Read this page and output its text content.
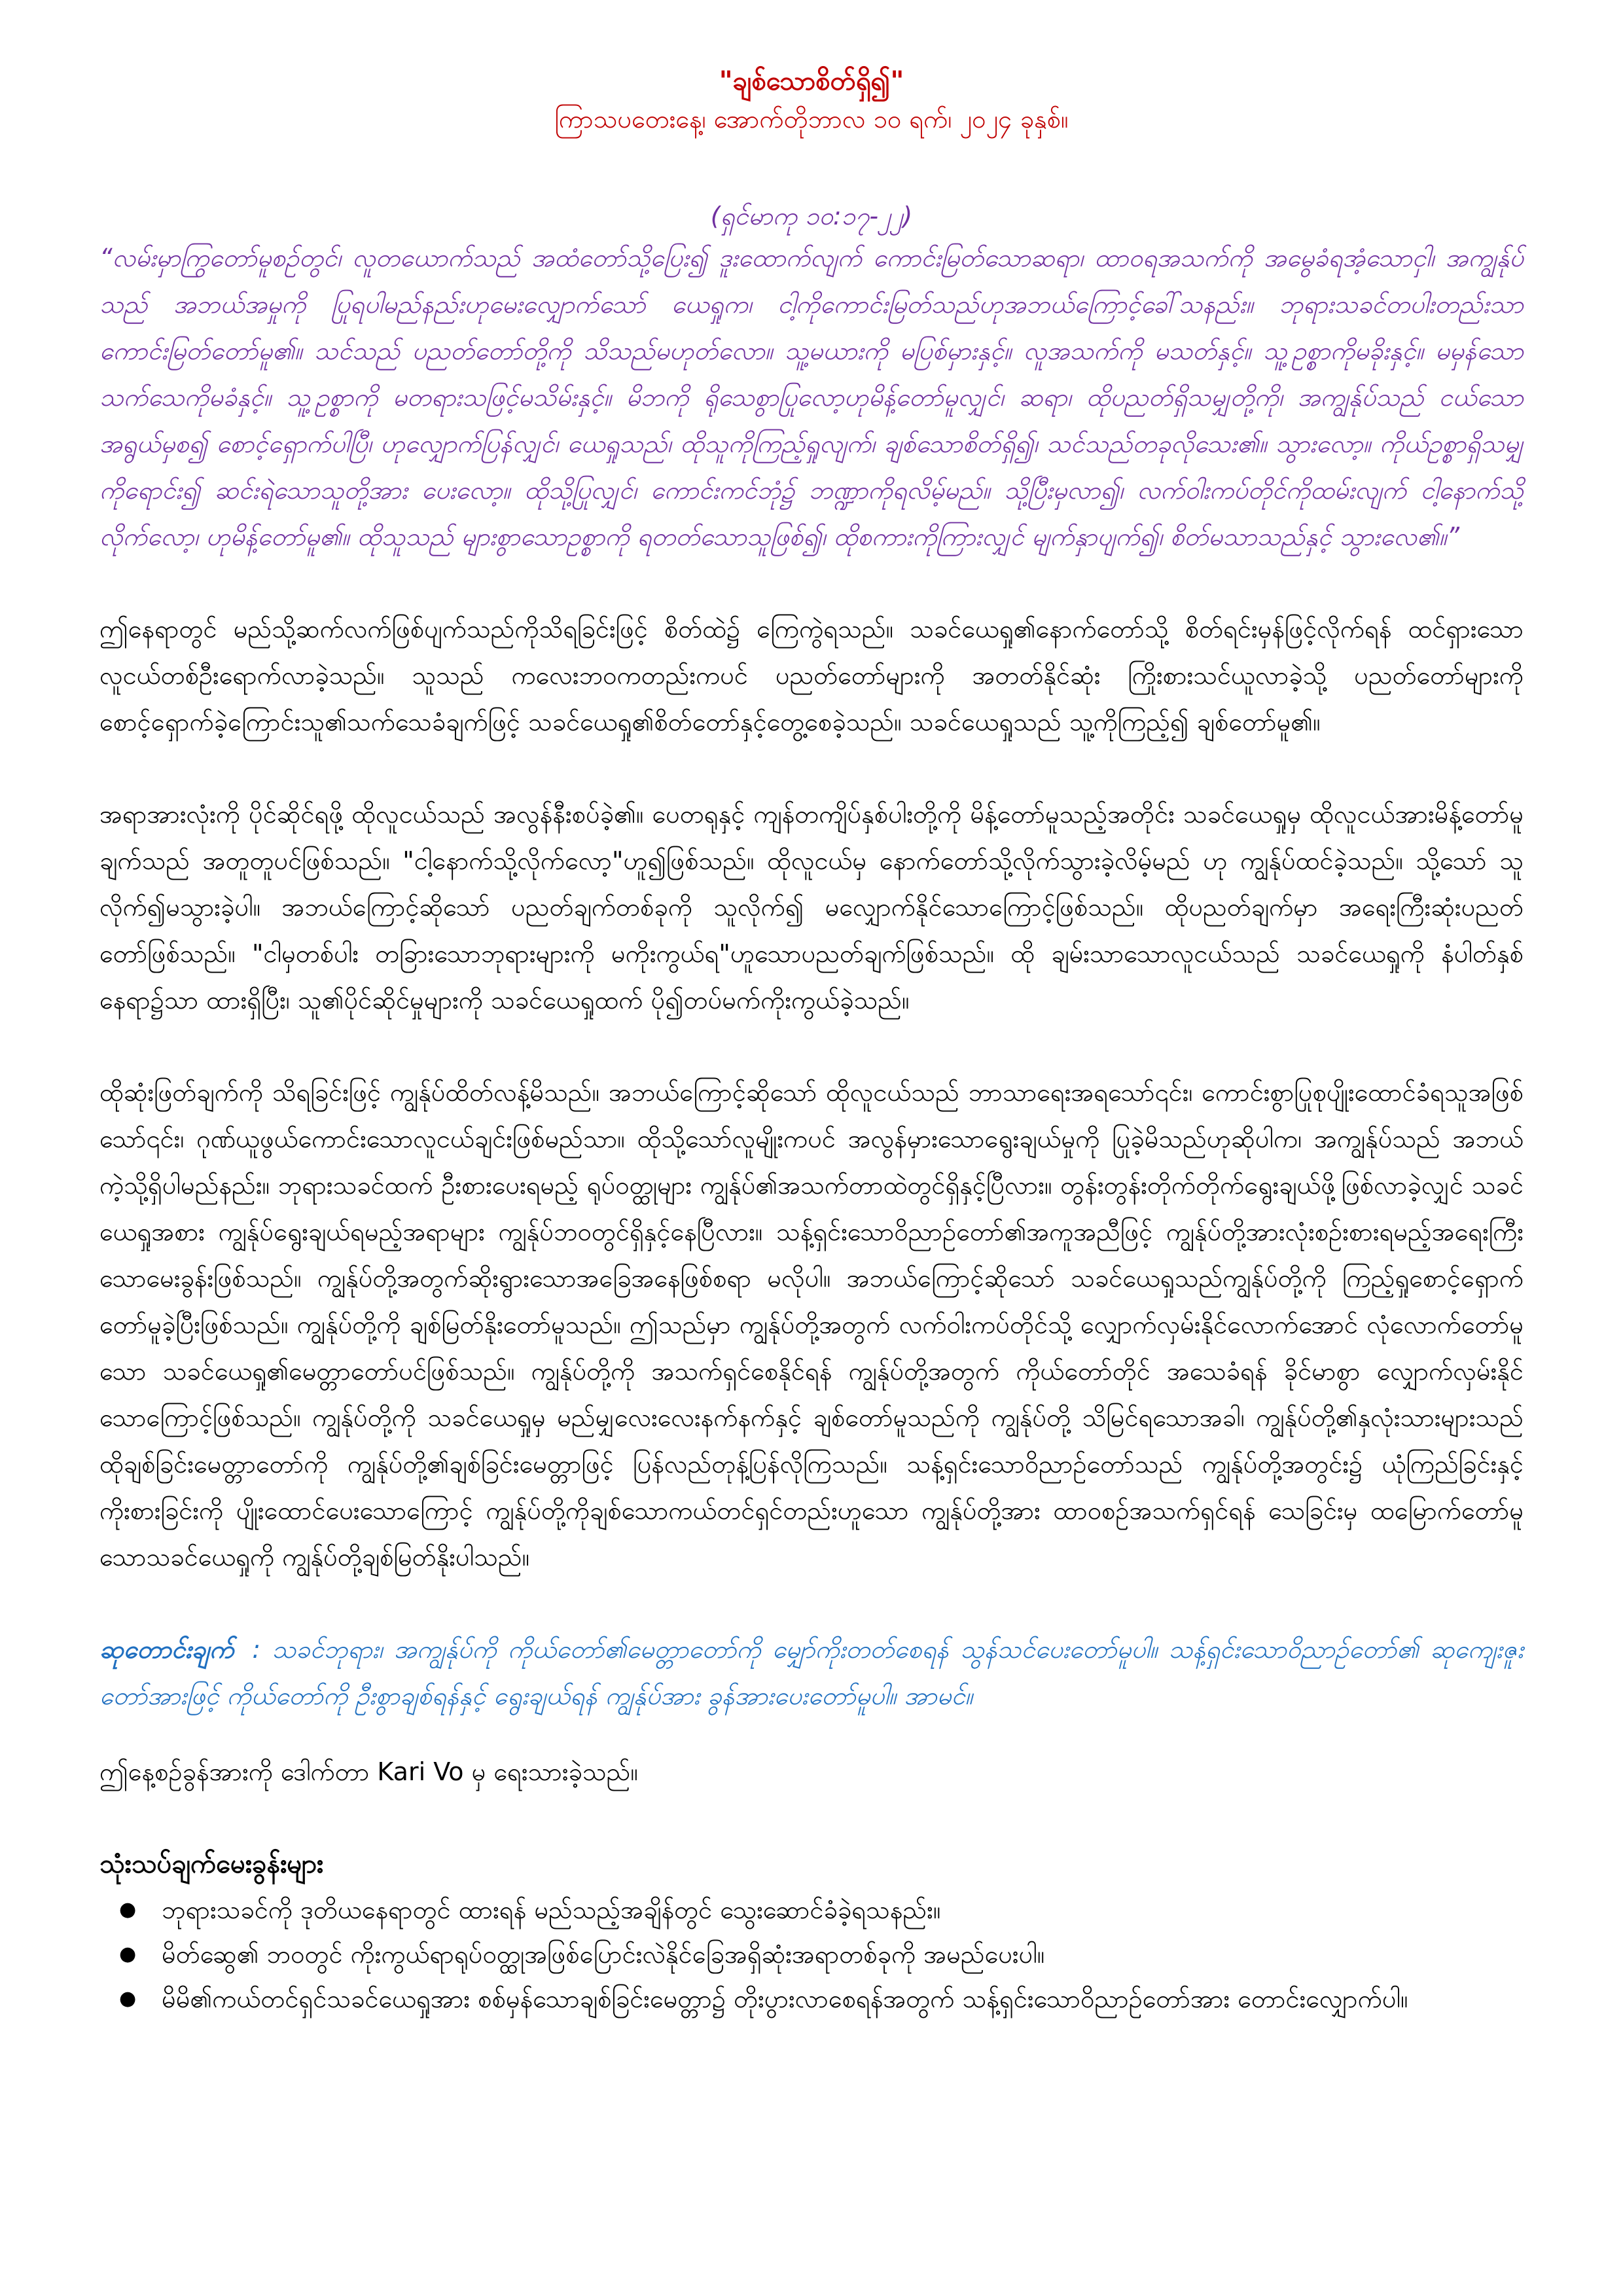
"ချစ်သောစိတ်ရှိ၍"
ကြာသပတေးနေ့၊ အောက်တိုဘာလ ၁၀ ရက်၊ ၂၀၂၄ ခုနှစ်။
(ရှင်မာကု ၁၀:၁၇-၂၂)

“လမ်းမှာကြွတော်မူစဉ်တွင်၊ လူတယောက်သည် အထံတော်သို့ပြေး၍ ဒူးထောက်လျက် ကောင်းမြတ်သောဆရာ၊ ထာဝရအသက်ကို အမွေခံရအံ့သောငှါ၊ အကျွန်ုပ်သည် အဘယ်အမှုကို ပြုရပါမည်နည်းဟုမေးလျှောက်သော် ယေရှုက၊ ငါ့ကိုကောင်းမြတ်သည်ဟုအဘယ်ကြောင့်ခေါ်သနည်း။ ဘုရားသခင်တပါးတည်းသာ ကောင်းမြတ်တော်မူ၏။ သင်သည် ပညတ်တော်တို့ကို သိသည်မဟုတ်လော။ သူ့မယားကို မပြစ်မှားနှင့်။ လူအသက်ကို မသတ်နှင့်။ သူ့ဥစ္စာကိုမခိုးနှင့်။ မမှန်သောသက်သေကိုမခံနှင့်။ သူ့ဥစ္စာကို မတရားသဖြင့်မသိမ်းနှင့်။ မိဘကို ရိုသေစွာပြုလော့ဟုမိန့်တော်မူလျှင်၊ ဆရာ၊ ထိုပညတ်ရှိသမျှတို့ကို၊ အကျွန်ုပ်သည် ငယ်သောအရွယ်မှစ၍ စောင့်ရှောက်ပါပြီ၊ ဟုလျှောက်ပြန်လျှင်၊ ယေရှုသည်၊ ထိုသူကိုကြည့်ရှုလျက်၊ ချစ်သောစိတ်ရှိ၍၊ သင်သည်တခုလိုသေး၏။ သွားလော့။ ကိုယ်ဥစ္စာရှိသမျှကိုရောင်း၍ ဆင်းရဲသောသူတို့အား ပေးလော့။ ထိုသို့ပြုလျှင်၊ ကောင်းကင်ဘုံ၌ ဘဏ္ဍာကိုရလိမ့်မည်။ သို့ပြီးမှလာ၍၊ လက်ဝါးကပ်တိုင်ကိုထမ်းလျက် ငါ့နောက်သို့ လိုက်လော့၊ ဟုမိန့်တော်မူ၏။ ထိုသူသည် များစွာသောဥစ္စာကို ရတတ်သောသူဖြစ်၍၊ ထိုစကားကိုကြားလျှင် မျက်နှာပျက်၍၊ စိတ်မသာသည်နှင့် သွားလေ၏။”

ဤနေရာတွင် မည်သို့ဆက်လက်ဖြစ်ပျက်သည်ကိုသိရခြင်းဖြင့် စိတ်ထဲ၌ ကြေကွဲရသည်။ သခင်ယေရှု၏နောက်တော်သို့ စိတ်ရင်းမှန်ဖြင့်လိုက်ရန် ထင်ရှားသော လူငယ်တစ်ဦးရောက်လာခဲ့သည်။ သူသည် ကလေးဘဝကတည်းကပင် ပညတ်တော်များကို အတတ်နိုင်ဆုံး ကြိုးစားသင်ယူလာခဲ့သို့ ပညတ်တော်များကို စောင့်ရှောက်ခဲ့ကြောင်းသူ၏သက်သေခံချက်ဖြင့် သခင်ယေရှု၏စိတ်တော်နှင့်တွေ့စေခဲ့သည်။ သခင်ယေရှုသည် သူ့ကိုကြည့်၍ ချစ်တော်မူ၏။

အရာအားလုံးကို ပိုင်ဆိုင်ရဖို့ ထိုလူငယ်သည် အလွန်နီးစပ်ခဲ့၏။ ပေတရုနှင့် ကျန်တကျိပ်နှစ်ပါးတို့ကို မိန့်တော်မူသည့်အတိုင်း သခင်ယေရှုမှ ထိုလူငယ်အားမိန့်တော်မူချက်သည် အတူတူပင်ဖြစ်သည်။ "ငါ့နောက်သို့လိုက်လော့"ဟူ၍ဖြစ်သည်။ ထိုလူငယ်မှ နောက်တော်သို့လိုက်သွားခဲ့လိမ့်မည် ဟု ကျွန်ုပ်ထင်ခဲ့သည်။ သို့သော် သူလိုက်၍မသွားခဲ့ပါ။ အဘယ်ကြောင့်ဆိုသော် ပညတ်ချက်တစ်ခုကို သူလိုက်၍ မလျှောက်နိုင်သောကြောင့်ဖြစ်သည်။ ထိုပညတ်ချက်မှာ အရေးကြီးဆုံးပညတ်တော်ဖြစ်သည်။ "ငါမှတစ်ပါး တခြားသောဘုရားများကို မကိုးကွယ်ရ"ဟူသောပညတ်ချက်ဖြစ်သည်။ ထို ချမ်းသာသောလူငယ်သည် သခင်ယေရှုကို နံပါတ်နှစ်နေရာ၌သာ ထားရှိပြီး၊ သူ၏ပိုင်ဆိုင်မှုများကို သခင်ယေရှုထက် ပို၍တပ်မက်ကိုးကွယ်ခဲ့သည်။

ထိုဆုံးဖြတ်ချက်ကို သိရခြင်းဖြင့် ကျွန်ုပ်ထိတ်လန့်မိသည်။ အဘယ်ကြောင့်ဆိုသော် ထိုလူငယ်သည် ဘာသာရေးအရသော်၎င်း၊ ကောင်းစွာပြုစုပျိုးထောင်ခံရသူအဖြစ်သော်၎င်း၊ ဂုဏ်ယူဖွယ်ကောင်းသောလူငယ်ချင်းဖြစ်မည်သာ။ ထိုသို့သော်လူမျိုးကပင် အလွန်မှားသောရွေးချယ်မှုကို ပြုခဲ့မိသည်ဟုဆိုပါက၊ အကျွန်ုပ်သည် အဘယ်ကဲ့သို့ရှိပါမည်နည်း။ ဘုရားသခင်ထက် ဦးစားပေးရမည့် ရုပ်ဝတ္ထုများ ကျွန်ုပ်၏အသက်တာထဲတွင်ရှိနှင့်ပြီလား။ တွန်းတွန်းတိုက်တိုက်ရွေးချယ်ဖို့ဖြစ်လာခဲ့လျှင် သခင်ယေရှုအစား ကျွန်ုပ်ရွေးချယ်ရမည့်အရာများ ကျွန်ုပ်ဘဝတွင်ရှိနှင့်နေပြီလား။ သန့်ရှင်းသောဝိညာဉ်တော်၏အကူအညီဖြင့် ကျွန်ုပ်တို့အားလုံးစဉ်းစားရမည့်အရေးကြီးသောမေးခွန်းဖြစ်သည်။ ကျွန်ုပ်တို့အတွက်ဆိုးရွားသောအခြေအနေဖြစ်စရာ မလိုပါ။ အဘယ်ကြောင့်ဆိုသော် သခင်ယေရှုသည်ကျွန်ုပ်တို့ကို ကြည့်ရှုစောင့်ရှောက်တော်မူခဲ့ပြီးဖြစ်သည်။ ကျွန်ုပ်တို့ကို ချစ်မြတ်နိုးတော်မူသည်။ ဤသည်မှာ ကျွန်ုပ်တို့အတွက် လက်ဝါးကပ်တိုင်သို့ လျှောက်လှမ်းနိုင်လောက်အောင် လုံလောက်တော်မူသော သခင်ယေရှု၏မေတ္တာတော်ပင်ဖြစ်သည်။ ကျွန်ုပ်တို့ကို အသက်ရှင်စေနိုင်ရန် ကျွန်ုပ်တို့အတွက် ကိုယ်တော်တိုင် အသေခံရန် ခိုင်မာစွာ လျှောက်လှမ်းနိုင်သောကြောင့်ဖြစ်သည်။ ကျွန်ုပ်တို့ကို သခင်ယေရှုမှ မည်မျှလေးလေးနက်နက်နှင့် ချစ်တော်မူသည်ကို ကျွန်ုပ်တို့ သိမြင်ရသောအခါ၊ ကျွန်ုပ်တို့၏နှလုံးသားများသည် ထိုချစ်ခြင်းမေတ္တာတော်ကို ကျွန်ုပ်တို့၏ချစ်ခြင်းမေတ္တာဖြင့် ပြန်လည်တုန့်ပြန်လိုကြသည်။ သန့်ရှင်းသောဝိညာဉ်တော်သည် ကျွန်ုပ်တို့အတွင်း၌ ယုံကြည်ခြင်းနှင့် ကိုးစားခြင်းကို ပျိုးထောင်ပေးသောကြောင့် ကျွန်ုပ်တို့ကိုချစ်သောကယ်တင်ရှင်တည်းဟူသော ကျွန်ုပ်တို့အား ထာဝစဉ်အသက်ရှင်ရန် သေခြင်းမှ ထမြောက်တော်မူသောသခင်ယေရှုကို ကျွန်ုပ်တို့ချစ်မြတ်နိုးပါသည်။

ဆုတောင်းချက် : သခင်ဘုရား၊ အကျွန်ုပ်ကို ကိုယ်တော်၏မေတ္တာတော်ကို မျှော်ကိုးတတ်စေရန် သွန်သင်ပေးတော်မူပါ။ သန့်ရှင်းသောဝိညာဉ်တော်၏ ဆုကျေးဇူးတော်အားဖြင့် ကိုယ်တော်ကို ဦးစွာချစ်ရန်နှင့် ရွေးချယ်ရန် ကျွန်ုပ်အား ခွန်အားပေးတော်မူပါ။ အာမင်။

ဤနေ့စဉ်ခွန်အားကို ဒေါက်တာ Kari Vo မှ ရေးသားခဲ့သည်။

သုံးသပ်ချက်မေးခွန်းများ
● ဘုရားသခင်ကို ဒုတိယနေရာတွင် ထားရန် မည်သည့်အချိန်တွင် သွေးဆောင်ခံခဲ့ရသနည်း။
● မိတ်ဆွေ၏ ဘဝတွင် ကိုးကွယ်ရာရုပ်ဝတ္ထုအဖြစ်ပြောင်းလဲနိုင်ခြေအရှိဆုံးအရာတစ်ခုကို အမည်ပေးပါ။
● မိမိ၏ကယ်တင်ရှင်သခင်ယေရှုအား စစ်မှန်သောချစ်ခြင်းမေတ္တာ၌ တိုးပွားလာစေရန်အတွက် သန့်ရှင်းသောဝိညာဉ်တော်အား တောင်းလျှောက်ပါ။
